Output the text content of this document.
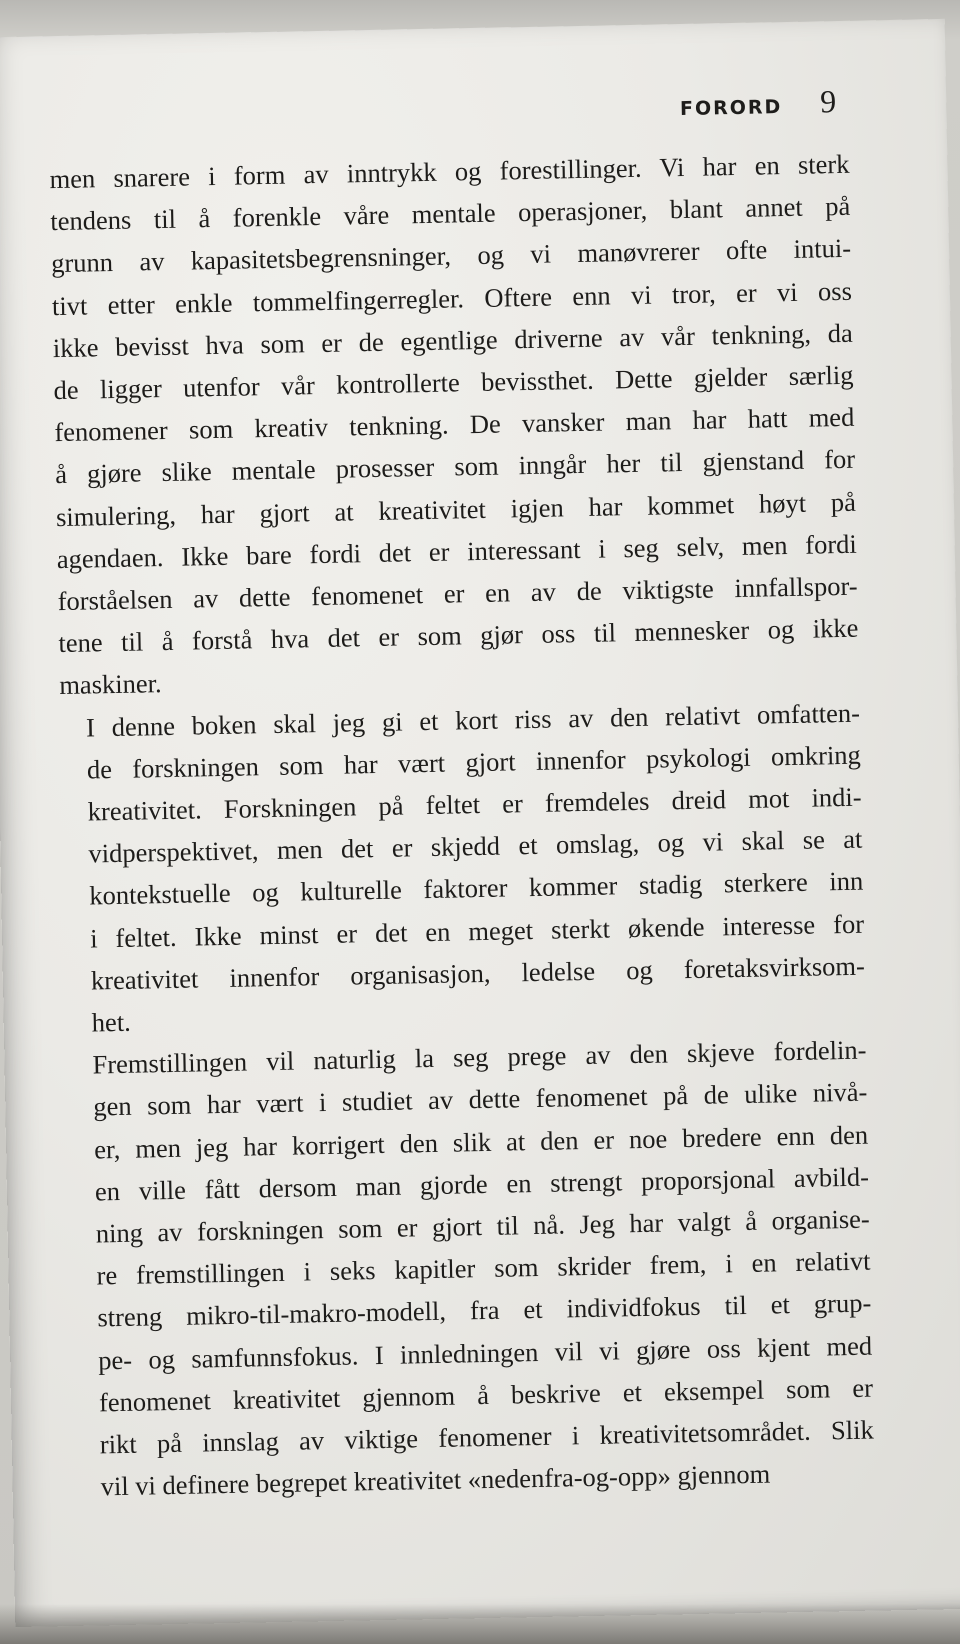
FORORD 9

men snarere i form av inntrykk og forestillinger. Vi har en sterk
tendens til å forenkle våre mentale operasjoner, blant annet på
grunn av kapasitetsbegrensninger, og vi manøvrerer ofte intui-
tivt etter enkle tommelfingerregler. Oftere enn vi tror, er vi oss
ikke bevisst hva som er de egentlige driverne av vår tenkning, da
de ligger utenfor vår kontrollerte bevissthet. Dette gjelder særlig
fenomener som kreativ tenkning. De vansker man har hatt med
å gjøre slike mentale prosesser som inngår her til gjenstand for
simulering, har gjort at kreativitet igjen har kommet høyt på
agendaen. Ikke bare fordi det er interessant i seg selv, men fordi
forståelsen av dette fenomenet er en av de viktigste innfallspor-
tene til å forstå hva det er som gjør oss til mennesker og ikke
maskiner.

I denne boken skal jeg gi et kort riss av den relativt omfatten-
de forskningen som har vært gjort innenfor psykologi omkring
kreativitet. Forskningen på feltet er fremdeles dreid mot indi-
vidperspektivet, men det er skjedd et omslag, og vi skal se at
kontekstuelle og kulturelle faktorer kommer stadig sterkere inn
i feltet. Ikke minst er det en meget sterkt økende interesse for
kreativitet innenfor organisasjon, ledelse og foretaksvirksom-
het.

Fremstillingen vil naturlig la seg prege av den skjeve fordelin-
gen som har vært i studiet av dette fenomenet på de ulike nivå-
er, men jeg har korrigert den slik at den er noe bredere enn den
en ville fått dersom man gjorde en strengt proporsjonal avbild-
ning av forskningen som er gjort til nå. Jeg har valgt å organise-
re fremstillingen i seks kapitler som skrider frem, i en relativt
streng mikro-til-makro-modell, fra et individfokus til et grup-
pe- og samfunnsfokus. I innledningen vil vi gjøre oss kjent med
fenomenet kreativitet gjennom å beskrive et eksempel som er
rikt på innslag av viktige fenomener i kreativitetsområdet. Slik
vil vi definere begrepet kreativitet «nedenfra-og-opp» gjennom
